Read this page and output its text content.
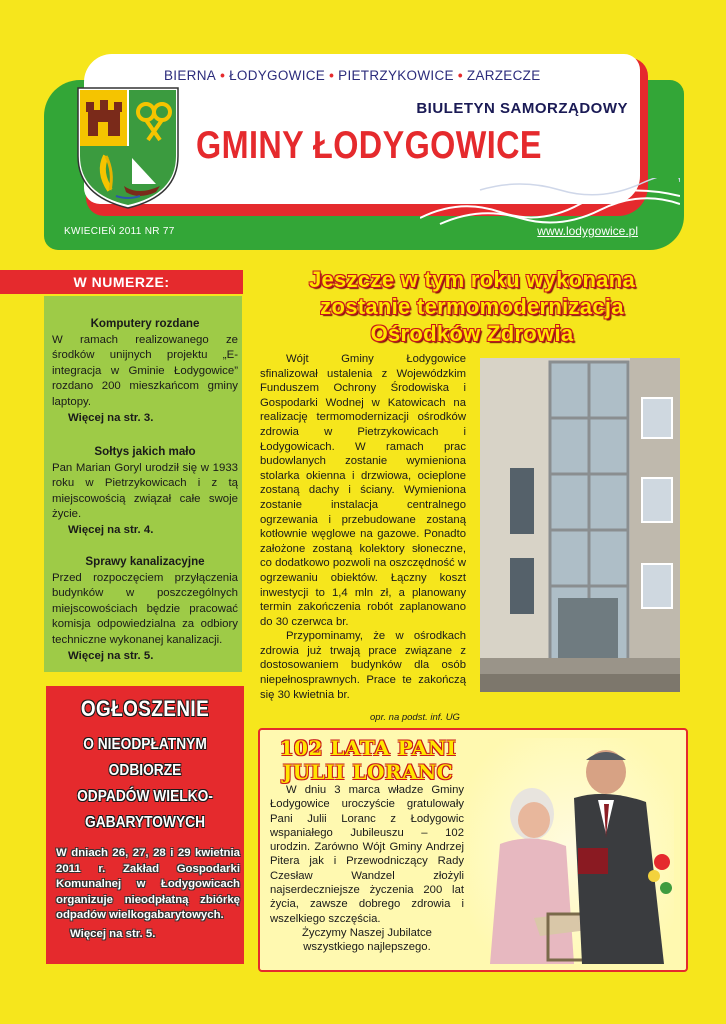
BIERNA • ŁODYGOWICE • PIETRZYKOWICE • ZARZECZE
BIULETYN SAMORZĄDOWY
GMINY ŁODYGOWICE
KWIECIEŃ 2011 NR 77	www.lodygowice.pl
W NUMERZE:
Komputery rozdane
W ramach realizowanego ze środków unijnych projektu „E-integracja w Gminie Łodygowice” rozdano 200 mieszkańcom gminy laptopy.
Więcej na str. 3.
Sołtys jakich mało
Pan Marian Goryl urodził się w 1933 roku w Pietrzykowicach i z tą miejscowością związał całe swoje życie.
Więcej na str. 4.
Sprawy kanalizacyjne
Przed rozpoczęciem przyłączenia budynków w poszczególnych miejscowościach będzie pracować komisja odpowiedzialna za odbiory techniczne wykonanej kanalizacji.
Więcej na str. 5.
OGŁOSZENIE
O NIEODPŁATNYM
ODBIORZE
ODPADÓW WIELKO-
GABARYTOWYCH
W dniach 26, 27, 28 i 29 kwietnia 2011 r. Zakład Gospodarki Komunalnej w Łodygowicach organizuje nieodpłatną zbiórkę odpadów wielkogabarytowych.
Więcej na str. 5.
Jeszcze w tym roku wykonana
zostanie termomodernizacja
Ośrodków Zdrowia

Wójt Gminy Łodygowice sfinalizował ustalenia z Wojewódzkim Funduszem Ochrony Środowiska i Gospodarki Wodnej w Katowicach na realizację termomodernizacji ośrodków zdrowia w Pietrzykowicach i Łodygowicach. W ramach prac budowlanych zostanie wymieniona stolarka okienna i drzwiowa, ocieplone zostaną dachy i ściany. Wymieniona zostanie instalacja centralnego ogrzewania i przebudowane zostaną kotłownie węglowe na gazowe. Ponadto założone zostaną kolektory słoneczne, co dodatkowo pozwoli na oszczędność w ogrzewaniu obiektów. Łączny koszt inwestycji to 1,4 mln zł, a planowany termin zakończenia robót zaplanowano do 30 czerwca br.

Przypominamy, że w ośrodkach zdrowia już trwają prace związane z dostosowaniem budynków dla osób niepełnosprawnych. Prace te zakończą się 30 kwietnia br.

opr. na podst. inf. UG
102 LATA PANI
JULII LORANC

W dniu 3 marca władze Gminy Łodygowice uroczyście gratulowały Pani Julii Loranc z Łodygowic wspaniałego Jubileuszu – 102 urodzin. Zarówno Wójt Gminy Andrzej Pitera jak i Przewodniczący Rady Czesław Wandzel złożyli najserdeczniejsze życzenia 200 lat życia, zawsze dobrego zdrowia i wszelkiego szczęścia.

Życzymy Naszej Jubilatce
wszystkiego najlepszego.
